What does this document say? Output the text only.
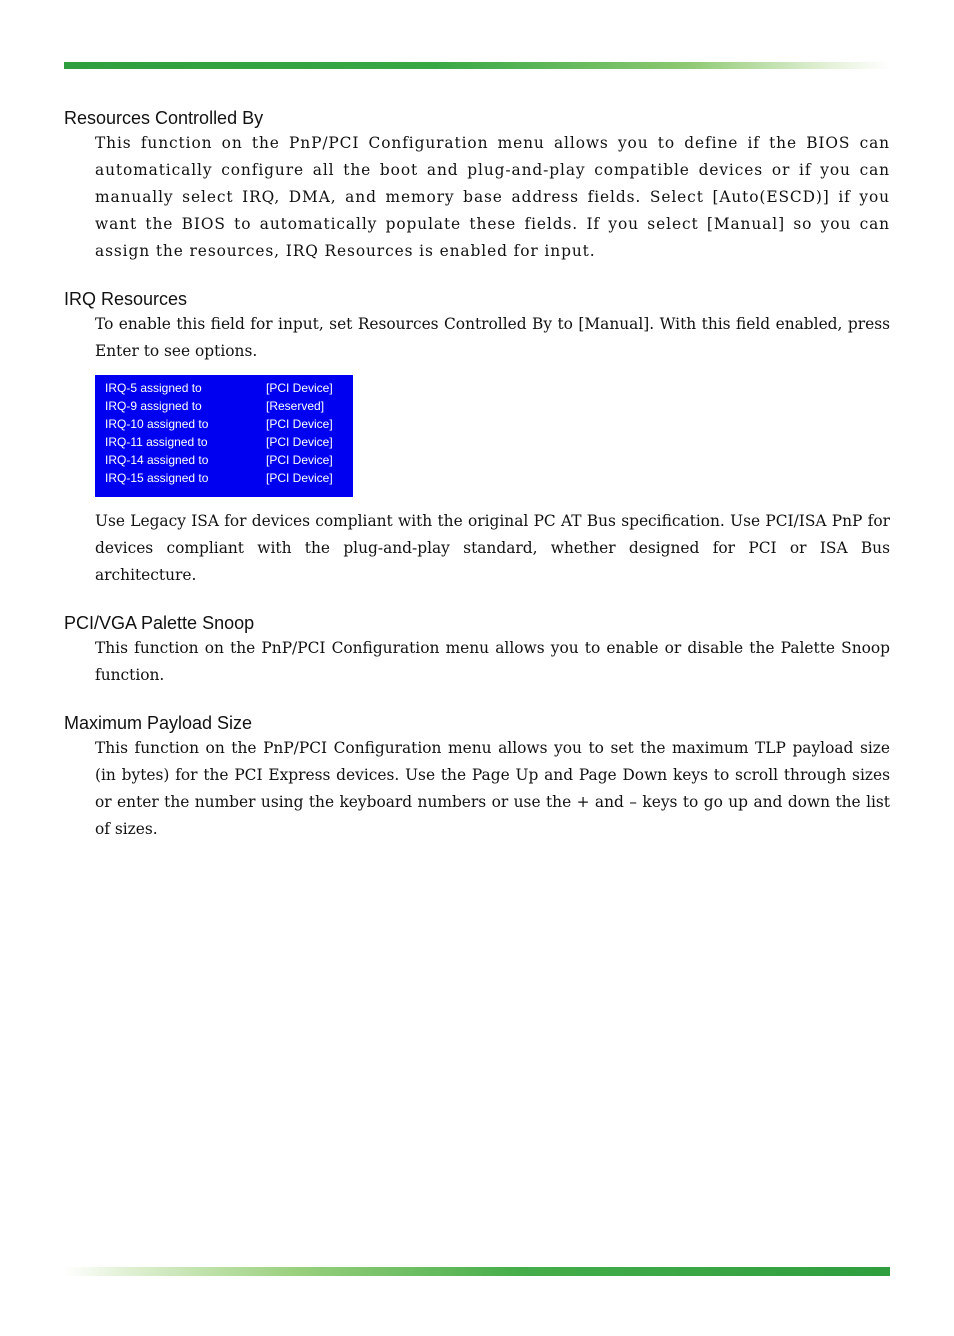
Resources Controlled By

This function on the PnP/PCI Configuration menu allows you to define if the BIOS can automatically configure all the boot and plug-and-play compatible devices or if you can manually select IRQ, DMA, and memory base address fields. Select [Auto(ESCD)] if you want the BIOS to automatically populate these fields. If you select [Manual] so you can assign the resources, IRQ Resources is enabled for input.

IRQ Resources

To enable this field for input, set Resources Controlled By to [Manual]. With this field enabled, press Enter to see options.

IRQ-5 assigned to	[PCI Device]
IRQ-9 assigned to	[Reserved]
IRQ-10 assigned to	[PCI Device]
IRQ-11 assigned to	[PCI Device]
IRQ-14 assigned to	[PCI Device]
IRQ-15 assigned to	[PCI Device]

Use Legacy ISA for devices compliant with the original PC AT Bus specification. Use PCI/ISA PnP for devices compliant with the plug-and-play standard, whether designed for PCI or ISA Bus architecture.

PCI/VGA Palette Snoop

This function on the PnP/PCI Configuration menu allows you to enable or disable the Palette Snoop function.

Maximum Payload Size

This function on the PnP/PCI Configuration menu allows you to set the maximum TLP payload size (in bytes) for the PCI Express devices. Use the Page Up and Page Down keys to scroll through sizes or enter the number using the keyboard numbers or use the + and – keys to go up and down the list of sizes.
